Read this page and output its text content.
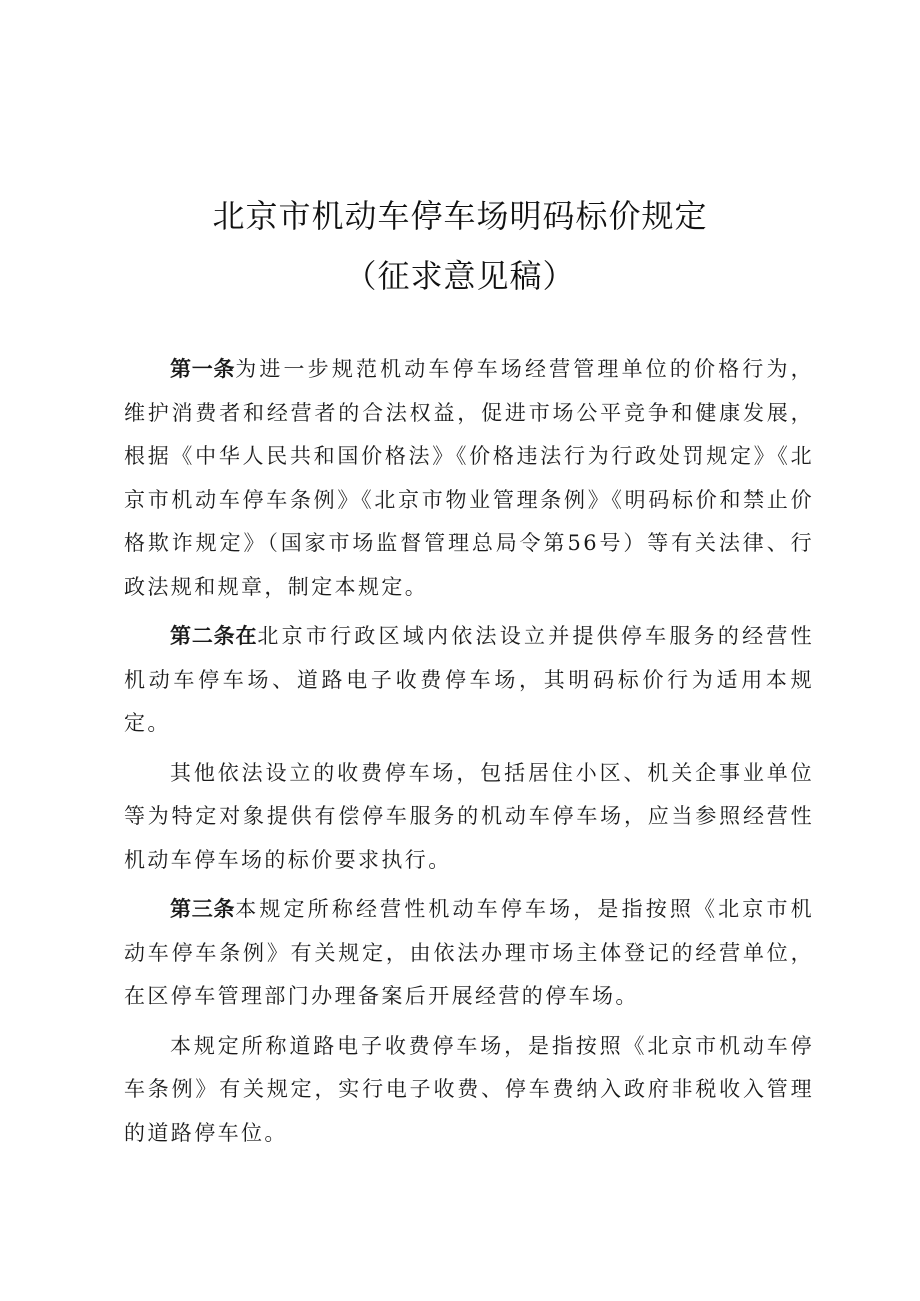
北京市机动车停车场明码标价规定
（征求意见稿）

第一条为进一步规范机动车停车场经营管理单位的价格行为，维护消费者和经营者的合法权益，促进市场公平竞争和健康发展，根据《中华人民共和国价格法》《价格违法行为行政处罚规定》《北京市机动车停车条例》《北京市物业管理条例》《明码标价和禁止价格欺诈规定》（国家市场监督管理总局令第56号）等有关法律、行政法规和规章，制定本规定。

第二条在北京市行政区域内依法设立并提供停车服务的经营性机动车停车场、道路电子收费停车场，其明码标价行为适用本规定。

其他依法设立的收费停车场，包括居住小区、机关企事业单位等为特定对象提供有偿停车服务的机动车停车场，应当参照经营性机动车停车场的标价要求执行。

第三条本规定所称经营性机动车停车场，是指按照《北京市机动车停车条例》有关规定，由依法办理市场主体登记的经营单位，在区停车管理部门办理备案后开展经营的停车场。

本规定所称道路电子收费停车场，是指按照《北京市机动车停车条例》有关规定，实行电子收费、停车费纳入政府非税收入管理的道路停车位。
